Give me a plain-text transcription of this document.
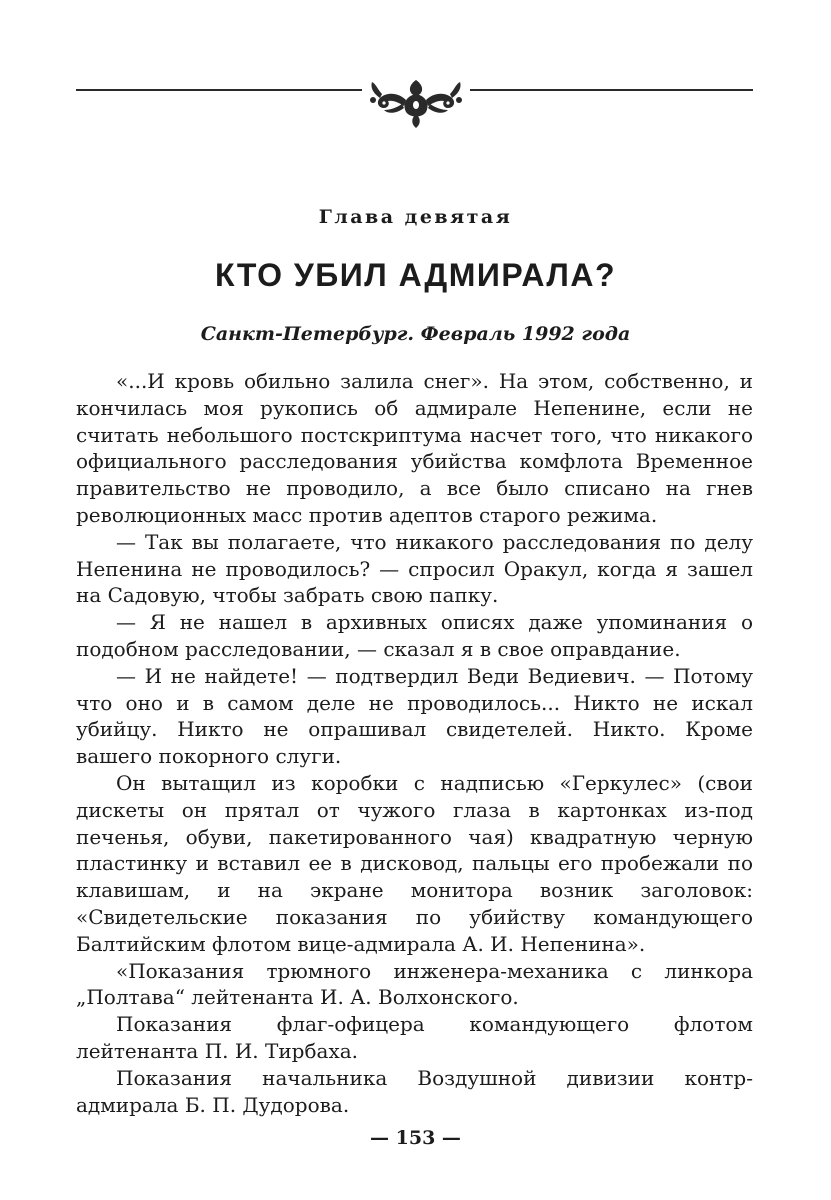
Глава девятая
КТО УБИЛ АДМИРАЛА?
Санкт-Петербург. Февраль 1992 года

«...И кровь обильно залила снег». На этом, собственно, и кончилась моя рукопись об адмирале Непенине, если не считать небольшого постскриптума насчет того, что никакого официального расследования убийства комфлота Временное правительство не проводило, а все было списано на гнев революционных масс против адептов старого режима.

— Так вы полагаете, что никакого расследования по делу Непенина не проводилось? — спросил Оракул, когда я зашел на Садовую, чтобы забрать свою папку.

— Я не нашел в архивных описях даже упоминания о подобном расследовании, — сказал я в свое оправдание.

— И не найдете! — подтвердил Веди Ведиевич. — Потому что оно и в самом деле не проводилось... Никто не искал убийцу. Никто не опрашивал свидетелей. Никто. Кроме вашего покорного слуги.

Он вытащил из коробки с надписью «Геркулес» (свои дискеты он прятал от чужого глаза в картонках из-под печенья, обуви, пакетированного чая) квадратную черную пластинку и вставил ее в дисковод, пальцы его пробежали по клавишам, и на экране монитора возник заголовок: «Свидетельские показания по убийству командующего Балтийским флотом вице-адмирала А. И. Непенина».

«Показания трюмного инженера-механика с линкора „Полтава“ лейтенанта И. А. Волхонского.

Показания флаг-офицера командующего флотом лейтенанта П. И. Тирбаха.

Показания начальника Воздушной дивизии контр-адмирала Б. П. Дудорова.

— 153 —
